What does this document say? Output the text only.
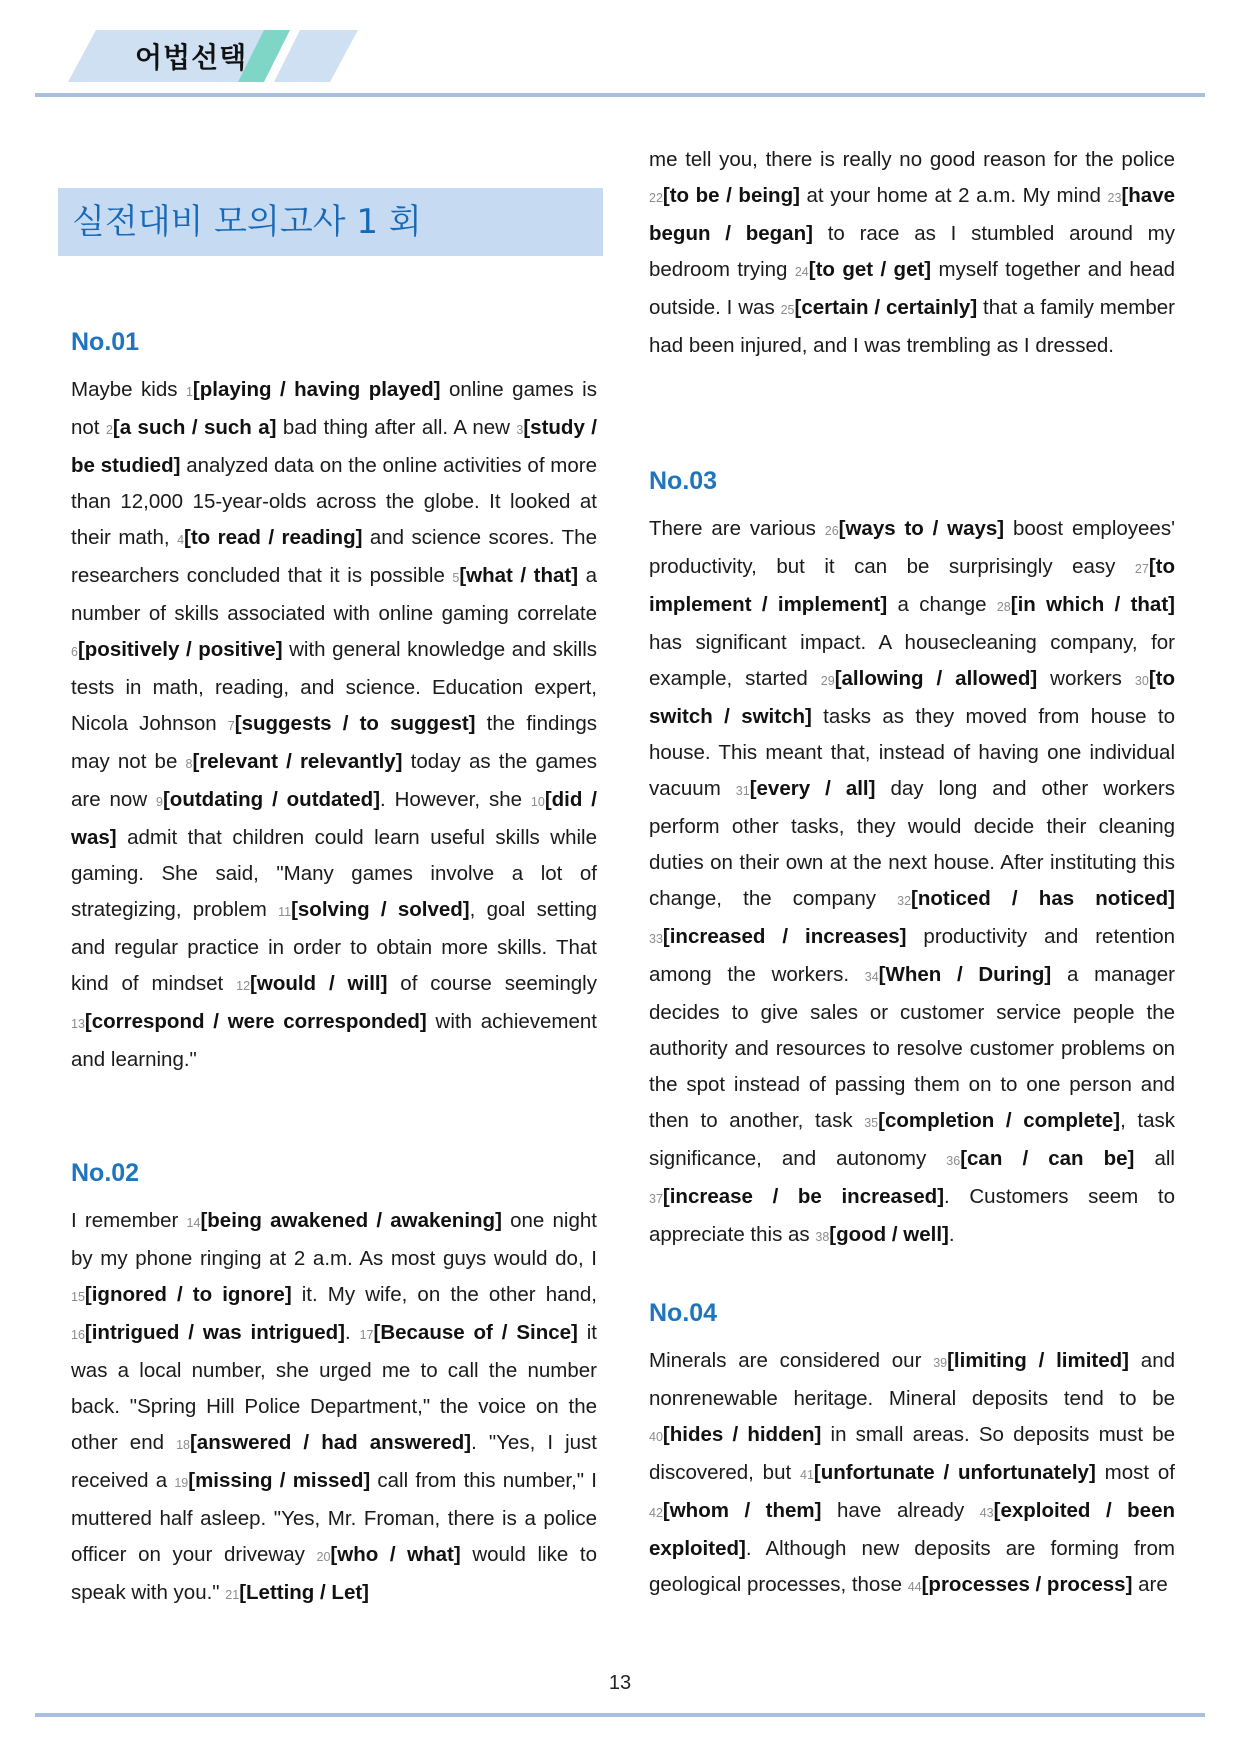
어법선택
실전대비 모의고사 1 회
No.01
Maybe kids 1[playing / having played] online games is not 2[a such / such a] bad thing after all. A new 3[study / be studied] analyzed data on the online activities of more than 12,000 15-year-olds across the globe. It looked at their math, 4[to read / reading] and science scores. The researchers concluded that it is possible 5[what / that] a number of skills associated with online gaming correlate 6[positively / positive] with general knowledge and skills tests in math, reading, and science. Education expert, Nicola Johnson 7[suggests / to suggest] the findings may not be 8[relevant / relevantly] today as the games are now 9[outdating / outdated]. However, she 10[did / was] admit that children could learn useful skills while gaming. She said, "Many games involve a lot of strategizing, problem 11[solving / solved], goal setting and regular practice in order to obtain more skills. That kind of mindset 12[would / will] of course seemingly 13[correspond / were corresponded] with achievement and learning."
No.02
I remember 14[being awakened / awakening] one night by my phone ringing at 2 a.m. As most guys would do, I 15[ignored / to ignore] it. My wife, on the other hand, 16[intrigued / was intrigued]. 17[Because of / Since] it was a local number, she urged me to call the number back. "Spring Hill Police Department," the voice on the other end 18[answered / had answered]. "Yes, I just received a 19[missing / missed] call from this number," I muttered half asleep. "Yes, Mr. Froman, there is a police officer on your driveway 20[who / what] would like to speak with you." 21[Letting / Let]
me tell you, there is really no good reason for the police 22[to be / being] at your home at 2 a.m. My mind 23[have begun / began] to race as I stumbled around my bedroom trying 24[to get / get] myself together and head outside. I was 25[certain / certainly] that a family member had been injured, and I was trembling as I dressed.
No.03
There are various 26[ways to / ways] boost employees' productivity, but it can be surprisingly easy 27[to implement / implement] a change 28[in which / that] has significant impact. A housecleaning company, for example, started 29[allowing / allowed] workers 30[to switch / switch] tasks as they moved from house to house. This meant that, instead of having one individual vacuum 31[every / all] day long and other workers perform other tasks, they would decide their cleaning duties on their own at the next house. After instituting this change, the company 32[noticed / has noticed] 33[increased / increases] productivity and retention among the workers. 34[When / During] a manager decides to give sales or customer service people the authority and resources to resolve customer problems on the spot instead of passing them on to one person and then to another, task 35[completion / complete], task significance, and autonomy 36[can / can be] all 37[increase / be increased]. Customers seem to appreciate this as 38[good / well].
No.04
Minerals are considered our 39[limiting / limited] and nonrenewable heritage. Mineral deposits tend to be 40[hides / hidden] in small areas. So deposits must be discovered, but 41[unfortunate / unfortunately] most of 42[whom / them] have already 43[exploited / been exploited]. Although new deposits are forming from geological processes, those 44[processes / process] are
13
